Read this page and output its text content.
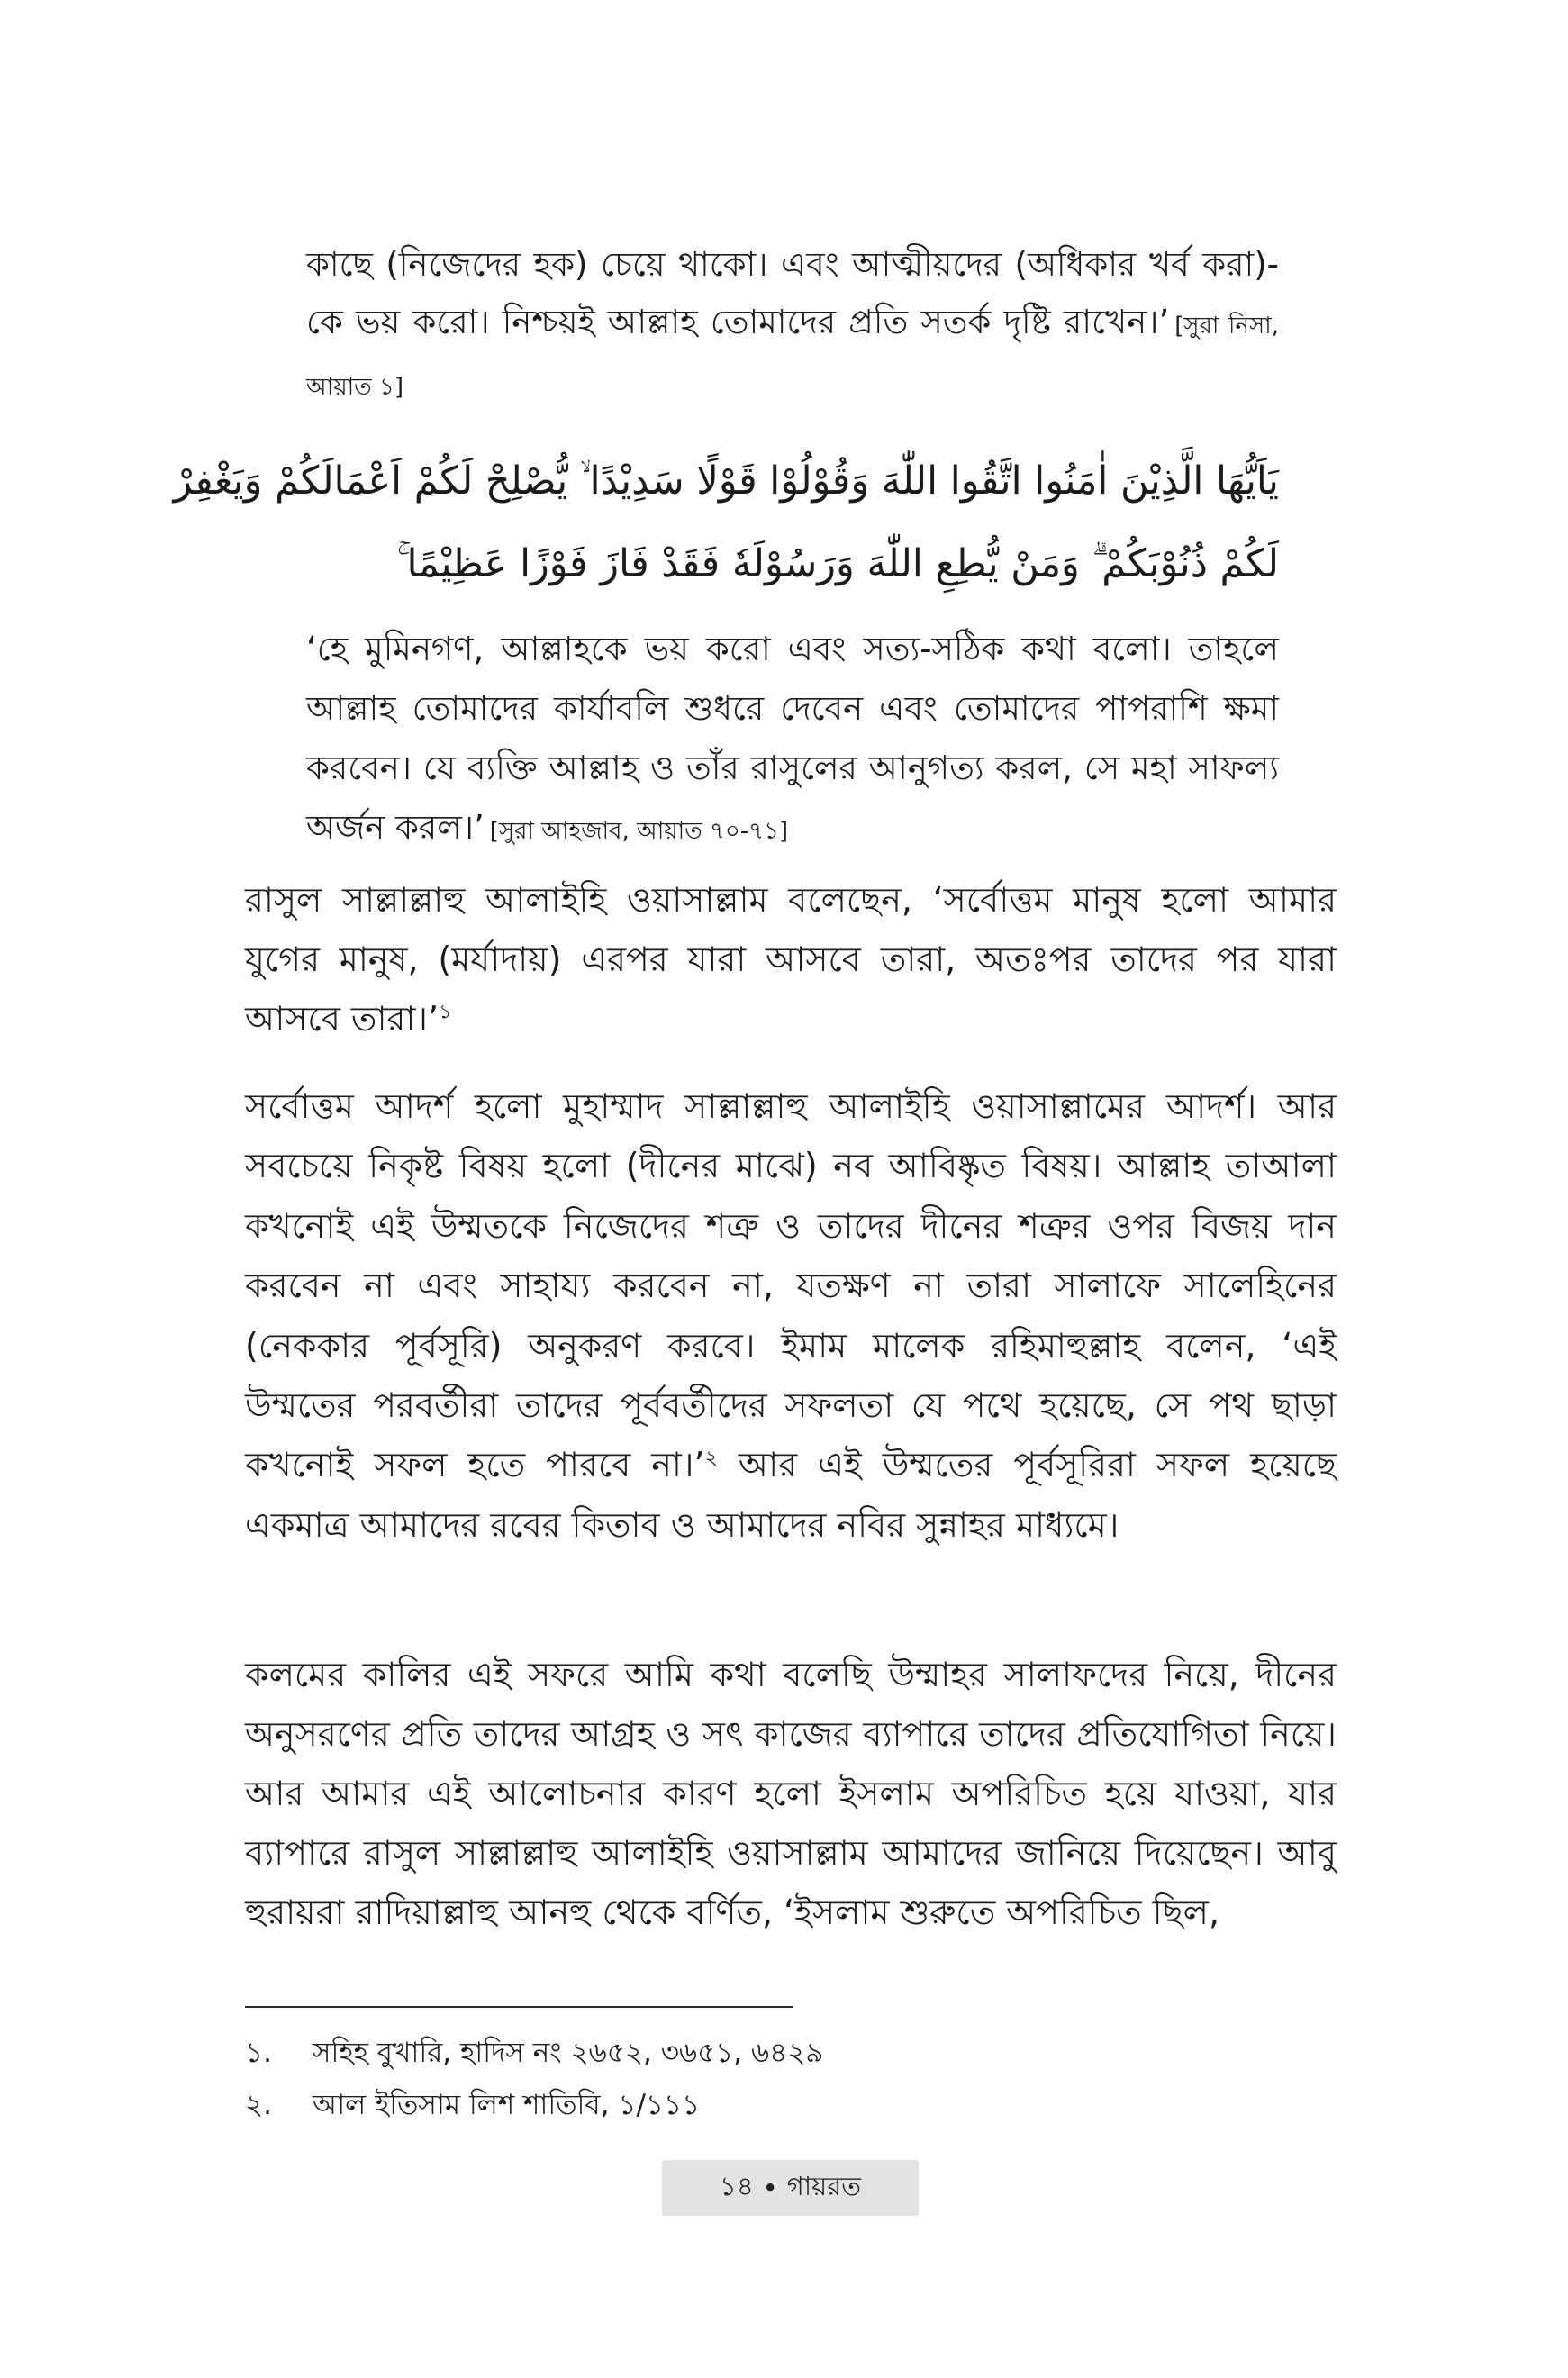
কাছে (নিজেদের হক) চেয়ে থাকো। এবং আত্মীয়দের (অধিকার খর্ব করা)-কে ভয় করো। নিশ্চয়ই আল্লাহ তোমাদের প্রতি সতর্ক দৃষ্টি রাখেন।’ [সুরা নিসা, আয়াত ১]

يَاَيُّهَا الَّذِيْنَ اٰمَنُوا اتَّقُوا اللّٰهَ وَقُوْلُوْا قَوْلًا سَدِيْدًا ۙ يُّصْلِحْ لَكُمْ اَعْمَالَكُمْ وَيَغْفِرْ
لَكُمْ ذُنُوْبَكُمْ ۗ وَمَنْ يُّطِعِ اللّٰهَ وَرَسُوْلَهٗ فَقَدْ فَازَ فَوْزًا عَظِيْمًا ۚ

‘হে মুমিনগণ, আল্লাহকে ভয় করো এবং সত্য-সঠিক কথা বলো। তাহলে আল্লাহ তোমাদের কার্যাবলি শুধরে দেবেন এবং তোমাদের পাপরাশি ক্ষমা করবেন। যে ব্যক্তি আল্লাহ ও তাঁর রাসুলের আনুগত্য করল, সে মহা সাফল্য অর্জন করল।’ [সুরা আহজাব, আয়াত ৭০-৭১]

রাসুল সাল্লাল্লাহু আলাইহি ওয়াসাল্লাম বলেছেন, ‘সর্বোত্তম মানুষ হলো আমার যুগের মানুষ, (মর্যাদায়) এরপর যারা আসবে তারা, অতঃপর তাদের পর যারা আসবে তারা।’$^১$

সর্বোত্তম আদর্শ হলো মুহাম্মাদ সাল্লাল্লাহু আলাইহি ওয়াসাল্লামের আদর্শ। আর সবচেয়ে নিকৃষ্ট বিষয় হলো (দীনের মাঝে) নব আবিষ্কৃত বিষয়। আল্লাহ তাআলা কখনোই এই উম্মতকে নিজেদের শত্রু ও তাদের দীনের শত্রুর ওপর বিজয় দান করবেন না এবং সাহায্য করবেন না, যতক্ষণ না তারা সালাফে সালেহিনের (নেককার পূর্বসূরি) অনুকরণ করবে। ইমাম মালেক রহিমাহুল্লাহ বলেন, ‘এই উম্মতের পরবর্তীরা তাদের পূর্ববর্তীদের সফলতা যে পথে হয়েছে, সে পথ ছাড়া কখনোই সফল হতে পারবে না।’$^২$ আর এই উম্মতের পূর্বসূরিরা সফল হয়েছে একমাত্র আমাদের রবের কিতাব ও আমাদের নবির সুন্নাহর মাধ্যমে।

কলমের কালির এই সফরে আমি কথা বলেছি উম্মাহর সালাফদের নিয়ে, দীনের অনুসরণের প্রতি তাদের আগ্রহ ও সৎ কাজের ব্যাপারে তাদের প্রতিযোগিতা নিয়ে। আর আমার এই আলোচনার কারণ হলো ইসলাম অপরিচিত হয়ে যাওয়া, যার ব্যাপারে রাসুল সাল্লাল্লাহু আলাইহি ওয়াসাল্লাম আমাদের জানিয়ে দিয়েছেন। আবু হুরায়রা রাদিয়াল্লাহু আনহু থেকে বর্ণিত, ‘ইসলাম শুরুতে অপরিচিত ছিল,

১.	সহিহ বুখারি, হাদিস নং ২৬৫২, ৩৬৫১, ৬৪২৯
২.	আল ইতিসাম লিশ শাতিবি, ১/১১১
১৪ • গায়রত
